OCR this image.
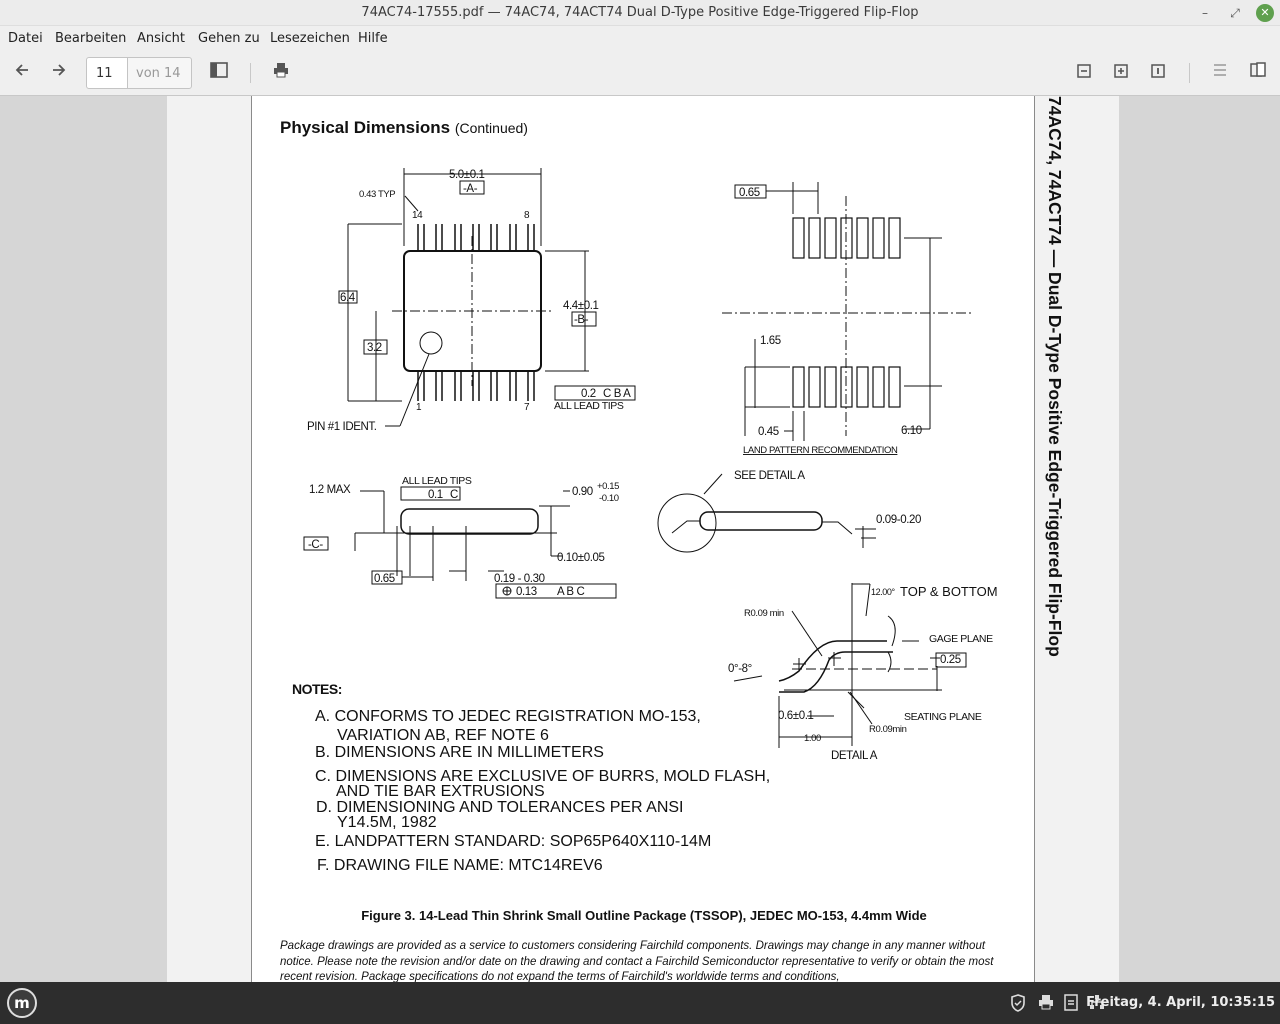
74AC74-17555.pdf — 74AC74, 74ACT74 Dual D-Type Positive Edge-Triggered Flip-Flop	–	⤢	✕
Datei Bearbeiten Ansicht Gehen zu Lesezeichen Hilfe
11	von 14
Physical Dimensions (Continued)
5.0±0.1
-A-
0.43 TYP
14	8
1	7
6.4
3.2
4.4±0.1
-B-
PIN #1 IDENT.
0.2 C B A
ALL LEAD TIPS
0.65
1.65
0.45	6.10
LAND PATTERN RECOMMENDATION
1.2 MAX
ALL LEAD TIPS
0.1 C	0.90 +0.15
-0.10
-C-
0.10±0.05
0.65	0.19 - 0.30
0.13 A B C
SEE DETAIL A
0.09-0.20
12.00° TOP & BOTTOM
R0.09 min
GAGE PLANE
0.25
0°-8°
0.6±0.1	SEATING PLANE
R0.09min
1.00
DETAIL A
NOTES:
A. CONFORMS TO JEDEC REGISTRATION MO-153,
VARIATION AB, REF NOTE 6
B. DIMENSIONS ARE IN MILLIMETERS
C. DIMENSIONS ARE EXCLUSIVE OF BURRS, MOLD FLASH,
AND TIE BAR EXTRUSIONS
D. DIMENSIONING AND TOLERANCES PER ANSI
Y14.5M, 1982
E. LANDPATTERN STANDARD: SOP65P640X110-14M
F. DRAWING FILE NAME: MTC14REV6
Figure 3. 14-Lead Thin Shrink Small Outline Package (TSSOP), JEDEC MO-153, 4.4mm Wide
Package drawings are provided as a service to customers considering Fairchild components. Drawings may change in any manner without notice. Please note the revision and/or date on the drawing and contact a Fairchild Semiconductor representative to verify or obtain the most recent revision. Package specifications do not expand the terms of Fairchild's worldwide terms and conditions,
74AC74, 74ACT74 — Dual D-Type Positive Edge-Triggered Flip-Flop
m	Freitag, 4. April, 10:35:15
